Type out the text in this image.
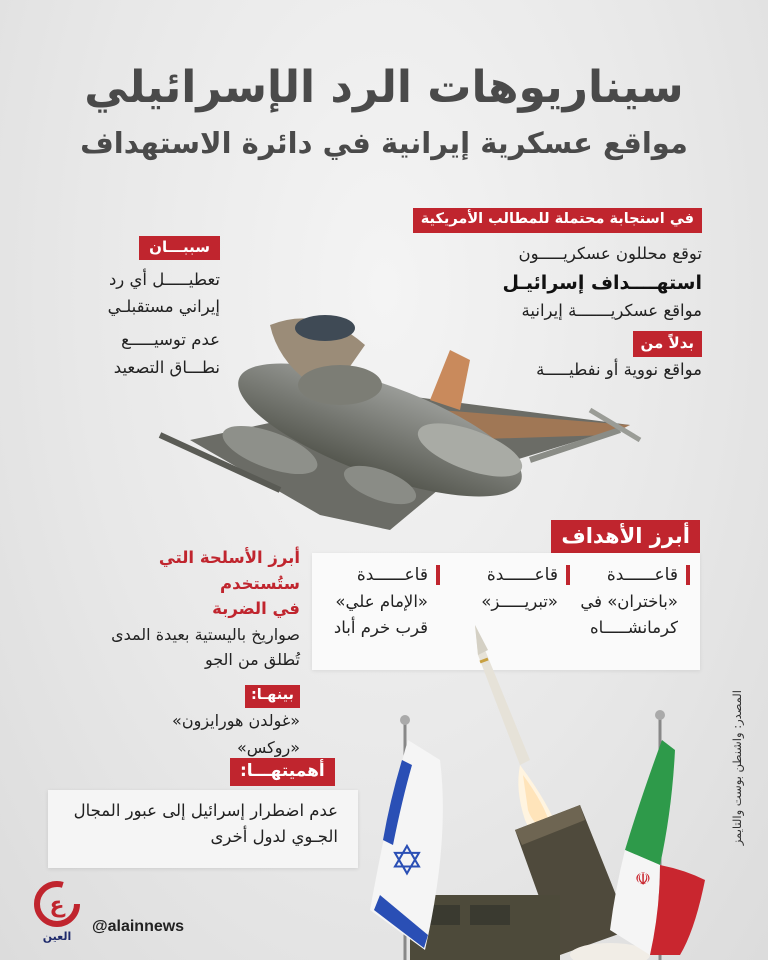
سيناريوهات الرد الإسرائيلي
مواقع عسكرية إيرانية في دائرة الاستهداف
في استجابة محتملة للمطالب الأمريكية
توقع محللون عسكريـــــون
استهــــداف إسرائيـل
مواقع عسكريـــــــة إيرانية
بدلاً من
مواقع نووية أو نفطيـــــة
سببـــان
تعطيـــــل أي رد
إيراني مستقبلـي
عدم توسيـــــع
نطـــاق التصعيد
أبرز الأهداف
قاعــــــدة
«باختران» في
كرمانشـــــاه
قاعــــــدة
«تبريـــــز»
قاعــــــدة
«الإمام علي»
قرب خرم أباد
أبرز الأسلحة التي ستُستخدم
في الضربة
صواريخ باليستية بعيدة المدى
تُطلق من الجو
بينهـا:
«غولدن هورايزون»
«روكس»
أهميتهـــا:
عدم اضطرار إسرائيل إلى عبور المجال
الجـوي لدول أخرى ✡	☫
المصدر: واشنطن بوست والتايمز
ع
العين
@alainnews
